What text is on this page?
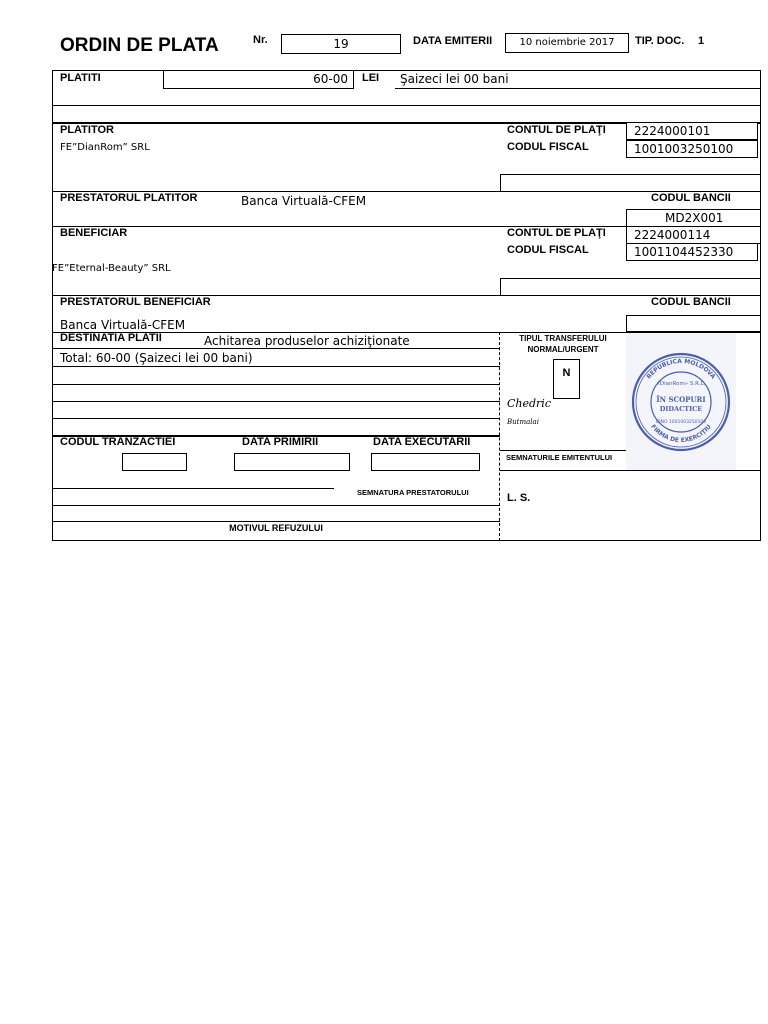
ORDIN DE PLATA	Nr.	19	DATA EMITERII	10 noiembrie 2017	TIP. DOC. 1
PLATITI	60-00	LEI Şaizeci lei 00 bani
PLATITOR
FE”DianRom” SRL
CONTUL DE PLAŢI	2224000101
CODUL FISCAL	1001003250100
PRESTATORUL PLATITOR	Banca Virtuală-CFEM	CODUL BANCII
MD2X001
BENEFICIAR
FE”Eternal-Beauty” SRL
CONTUL DE PLAŢI	2224000114
CODUL FISCAL	1001104452330
PRESTATORUL BENEFICIAR
Banca Virtuală-CFEM
CODUL BANCII
DESTINATIA PLATII	Achitarea produselor achiziţionate
Total: 60-00 (Şaizeci lei 00 bani)
TIPUL TRANSFERULUI
NORMAL/URGENT
N
Chedric
Butmalai
REPUBLICA MOLDOVA
FIRMA DE EXERCIŢIU
«DianRom» S.R.L.
ÎN SCOPURI
DIDACTICE
IDNO 1001003250100
SEMNATURILE EMITENTULUI
L. S.
CODUL TRANZACTIEI	DATA PRIMIRII	DATA EXECUTARII
SEMNATURA PRESTATORULUI
MOTIVUL REFUZULUI
